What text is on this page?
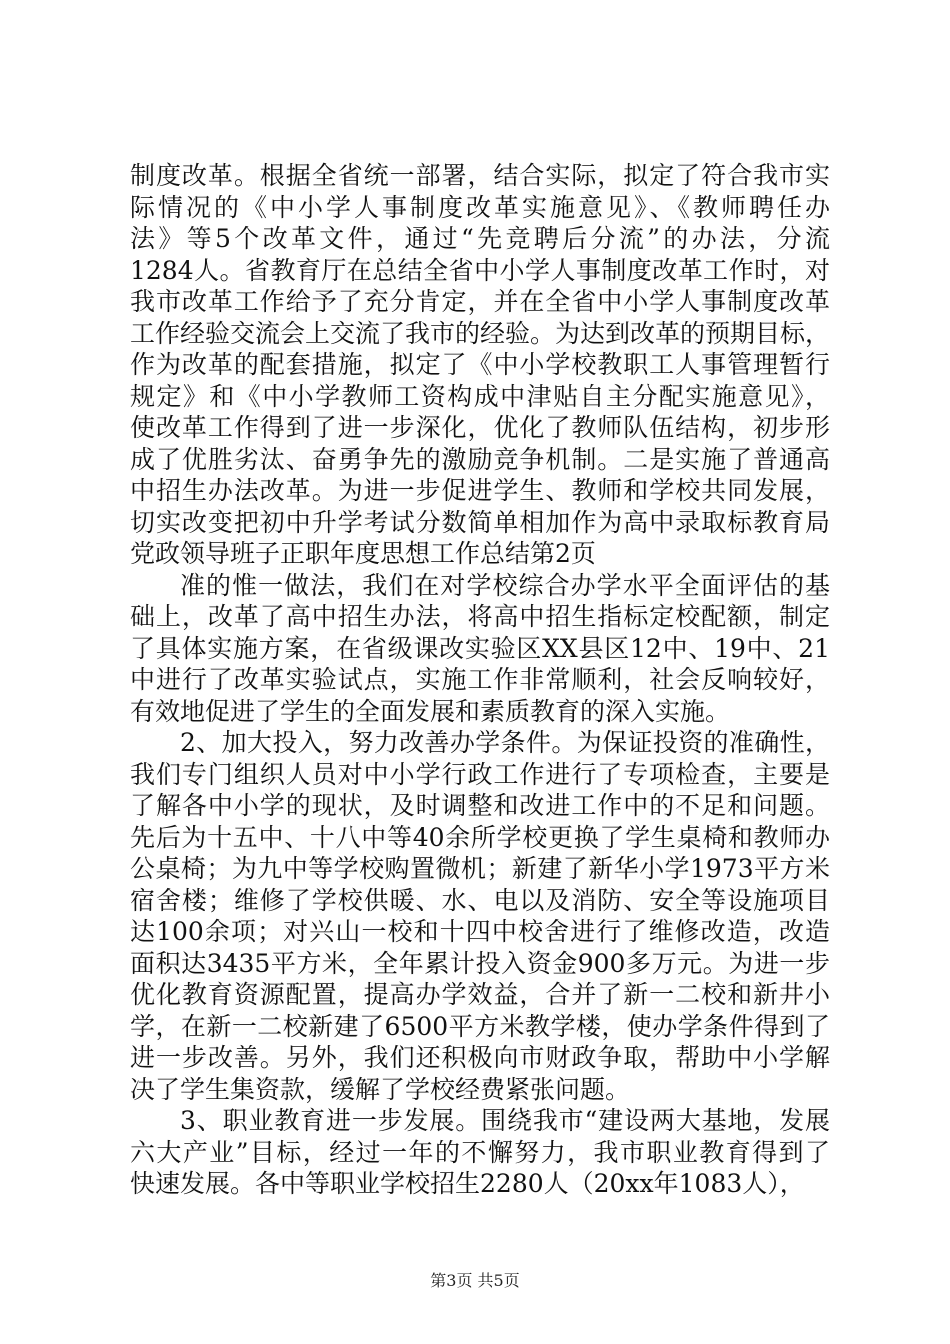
制度改革。根据全省统一部署，结合实际，拟定了符合我市实
际情况的《中小学人事制度改革实施意见》、《教师聘任办
法》等5个改革文件，通过“先竞聘后分流”的办法，分流
1284人。省教育厅在总结全省中小学人事制度改革工作时，对
我市改革工作给予了充分肯定，并在全省中小学人事制度改革
工作经验交流会上交流了我市的经验。为达到改革的预期目标，
作为改革的配套措施，拟定了《中小学校教职工人事管理暂行
规定》和《中小学教师工资构成中津贴自主分配实施意见》，
使改革工作得到了进一步深化，优化了教师队伍结构，初步形
成了优胜劣汰、奋勇争先的激励竞争机制。二是实施了普通高
中招生办法改革。为进一步促进学生、教师和学校共同发展，
切实改变把初中升学考试分数简单相加作为高中录取标教育局
党政领导班子正职年度思想工作总结第2页
准的惟一做法，我们在对学校综合办学水平全面评估的基
础上，改革了高中招生办法，将高中招生指标定校配额，制定
了具体实施方案，在省级课改实验区XX县区12中、19中、21
中进行了改革实验试点，实施工作非常顺利，社会反响较好，
有效地促进了学生的全面发展和素质教育的深入实施。
2、加大投入，努力改善办学条件。为保证投资的准确性，
我们专门组织人员对中小学行政工作进行了专项检查，主要是
了解各中小学的现状，及时调整和改进工作中的不足和问题。
先后为十五中、十八中等40余所学校更换了学生桌椅和教师办
公桌椅；为九中等学校购置微机；新建了新华小学1973平方米
宿舍楼；维修了学校供暖、水、电以及消防、安全等设施项目
达100余项；对兴山一校和十四中校舍进行了维修改造，改造
面积达3435平方米，全年累计投入资金900多万元。为进一步
优化教育资源配置，提高办学效益，合并了新一二校和新井小
学，在新一二校新建了6500平方米教学楼，使办学条件得到了
进一步改善。另外，我们还积极向市财政争取，帮助中小学解
决了学生集资款，缓解了学校经费紧张问题。
3、职业教育进一步发展。围绕我市“建设两大基地，发展
六大产业”目标，经过一年的不懈努力，我市职业教育得到了
快速发展。各中等职业学校招生2280人（20xx年1083人），
第3页 共5页
